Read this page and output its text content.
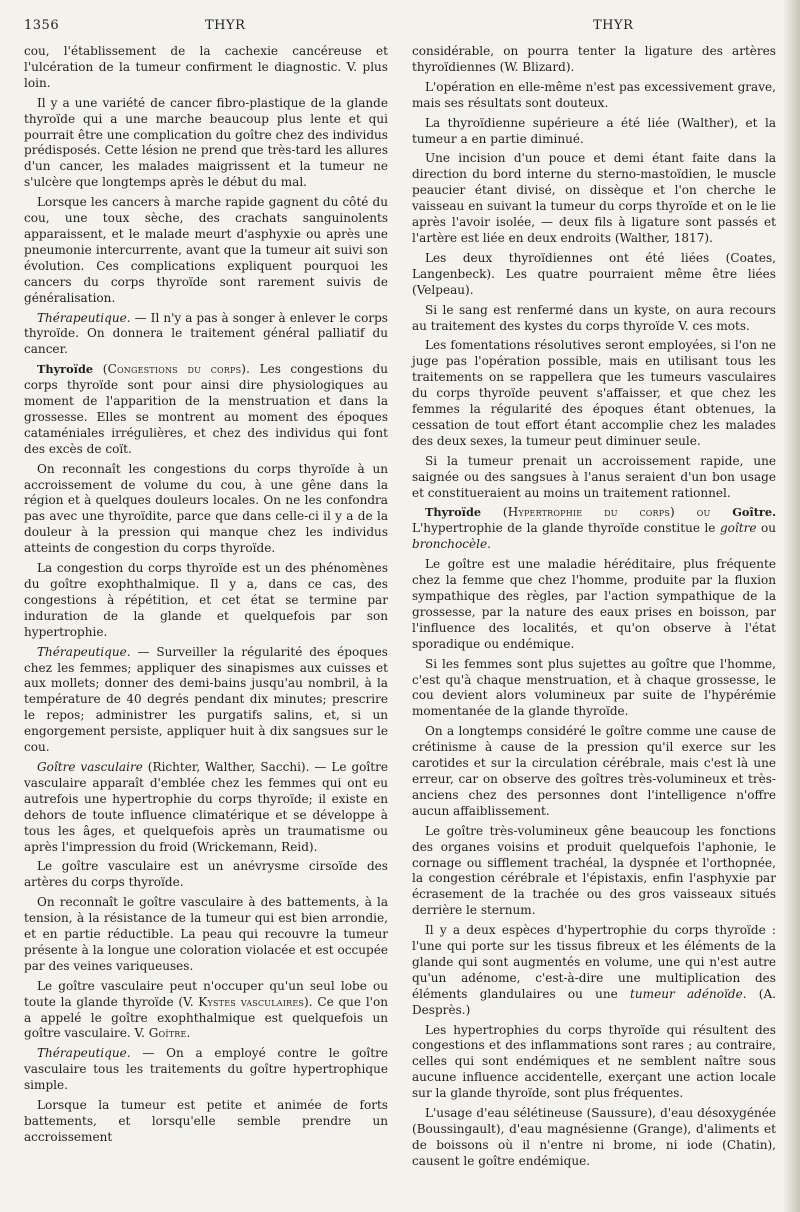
1356	THYR	THYR

cou, l'établissement de la cachexie cancéreuse et l'ulcération de la tumeur confirment le diagnostic. V. plus loin.

Il y a une variété de cancer fibro-plastique de la glande thyroïde qui a une marche beaucoup plus lente et qui pourrait être une complication du goître chez des individus prédisposés. Cette lésion ne prend que très-tard les allures d'un cancer, les malades maigrissent et la tumeur ne s'ulcère que longtemps après le début du mal.

Lorsque les cancers à marche rapide gagnent du côté du cou, une toux sèche, des crachats sanguinolents apparaissent, et le malade meurt d'asphyxie ou après une pneumonie intercurrente, avant que la tumeur ait suivi son évolution. Ces complications expliquent pourquoi les cancers du corps thyroïde sont rarement suivis de généralisation.

Thérapeutique. — Il n'y a pas à songer à enlever le corps thyroïde. On donnera le traitement général palliatif du cancer.

Thyroïde (Congestions du corps). Les congestions du corps thyroïde sont pour ainsi dire physiologiques au moment de l'apparition de la menstruation et dans la grossesse. Elles se montrent au moment des époques cataméniales irrégulières, et chez des individus qui font des excès de coït.

On reconnaît les congestions du corps thyroïde à un accroissement de volume du cou, à une gêne dans la région et à quelques douleurs locales. On ne les confondra pas avec une thyroïdite, parce que dans celle-ci il y a de la douleur à la pression qui manque chez les individus atteints de congestion du corps thyroïde.

La congestion du corps thyroïde est un des phénomènes du goître exophthalmique. Il y a, dans ce cas, des congestions à répétition, et cet état se termine par induration de la glande et quelquefois par son hypertrophie.

Thérapeutique. — Surveiller la régularité des époques chez les femmes; appliquer des sinapismes aux cuisses et aux mollets; donner des demi-bains jusqu'au nombril, à la température de 40 degrés pendant dix minutes; prescrire le repos; administrer les purgatifs salins, et, si un engorgement persiste, appliquer huit à dix sangsues sur le cou.

Goître vasculaire (Richter, Walther, Sacchi). — Le goître vasculaire apparaît d'emblée chez les femmes qui ont eu autrefois une hypertrophie du corps thyroïde; il existe en dehors de toute influence climatérique et se développe à tous les âges, et quelquefois après un traumatisme ou après l'impression du froid (Wrickemann, Reid).

Le goître vasculaire est un anévrysme cirsoïde des artères du corps thyroïde.

On reconnaît le goître vasculaire à des battements, à la tension, à la résistance de la tumeur qui est bien arrondie, et en partie réductible. La peau qui recouvre la tumeur présente à la longue une coloration violacée et est occupée par des veines variqueuses.

Le goître vasculaire peut n'occuper qu'un seul lobe ou toute la glande thyroïde (V. Kystes vasculaires). Ce que l'on a appelé le goître exophthalmique est quelquefois un goître vasculaire. V. Goître.

Thérapeutique. — On a employé contre le goître vasculaire tous les traitements du goître hypertrophique simple.

Lorsque la tumeur est petite et animée de forts battements, et lorsqu'elle semble prendre un accroissement

considérable, on pourra tenter la ligature des artères thyroïdiennes (W. Blizard).

L'opération en elle-même n'est pas excessivement grave, mais ses résultats sont douteux.

La thyroïdienne supérieure a été liée (Walther), et la tumeur a en partie diminué.

Une incision d'un pouce et demi étant faite dans la direction du bord interne du sterno-mastoïdien, le muscle peaucier étant divisé, on dissèque et l'on cherche le vaisseau en suivant la tumeur du corps thyroïde et on le lie après l'avoir isolée, — deux fils à ligature sont passés et l'artère est liée en deux endroits (Walther, 1817).

Les deux thyroïdiennes ont été liées (Coates, Langenbeck). Les quatre pourraient même être liées (Velpeau).

Si le sang est renfermé dans un kyste, on aura recours au traitement des kystes du corps thyroïde V. ces mots.

Les fomentations résolutives seront employées, si l'on ne juge pas l'opération possible, mais en utilisant tous les traitements on se rappellera que les tumeurs vasculaires du corps thyroïde peuvent s'affaisser, et que chez les femmes la régularité des époques étant obtenues, la cessation de tout effort étant accomplie chez les malades des deux sexes, la tumeur peut diminuer seule.

Si la tumeur prenait un accroissement rapide, une saignée ou des sangsues à l'anus seraient d'un bon usage et constitueraient au moins un traitement rationnel.

Thyroïde (Hypertrophie du corps) ou Goître. L'hypertrophie de la glande thyroïde constitue le goître ou bronchocèle.

Le goître est une maladie héréditaire, plus fréquente chez la femme que chez l'homme, produite par la fluxion sympathique des règles, par l'action sympathique de la grossesse, par la nature des eaux prises en boisson, par l'influence des localités, et qu'on observe à l'état sporadique ou endémique.

Si les femmes sont plus sujettes au goître que l'homme, c'est qu'à chaque menstruation, et à chaque grossesse, le cou devient alors volumineux par suite de l'hypérémie momentanée de la glande thyroïde.

On a longtemps considéré le goître comme une cause de crétinisme à cause de la pression qu'il exerce sur les carotides et sur la circulation cérébrale, mais c'est là une erreur, car on observe des goîtres très-volumineux et très-anciens chez des personnes dont l'intelligence n'offre aucun affaiblissement.

Le goître très-volumineux gêne beaucoup les fonctions des organes voisins et produit quelquefois l'aphonie, le cornage ou sifflement trachéal, la dyspnée et l'orthopnée, la congestion cérébrale et l'épistaxis, enfin l'asphyxie par écrasement de la trachée ou des gros vaisseaux situés derrière le sternum.

Il y a deux espèces d'hypertrophie du corps thyroïde : l'une qui porte sur les tissus fibreux et les éléments de la glande qui sont augmentés en volume, une qui n'est autre qu'un adénome, c'est-à-dire une multiplication des éléments glandulaires ou une tumeur adénoïde. (A. Desprès.)

Les hypertrophies du corps thyroïde qui résultent des congestions et des inflammations sont rares ; au contraire, celles qui sont endémiques et ne semblent naître sous aucune influence accidentelle, exerçant une action locale sur la glande thyroïde, sont plus fréquentes.

L'usage d'eau sélétineuse (Saussure), d'eau désoxygénée (Boussingault), d'eau magnésienne (Grange), d'aliments et de boissons où il n'entre ni brome, ni iode (Chatin), causent le goître endémique.
